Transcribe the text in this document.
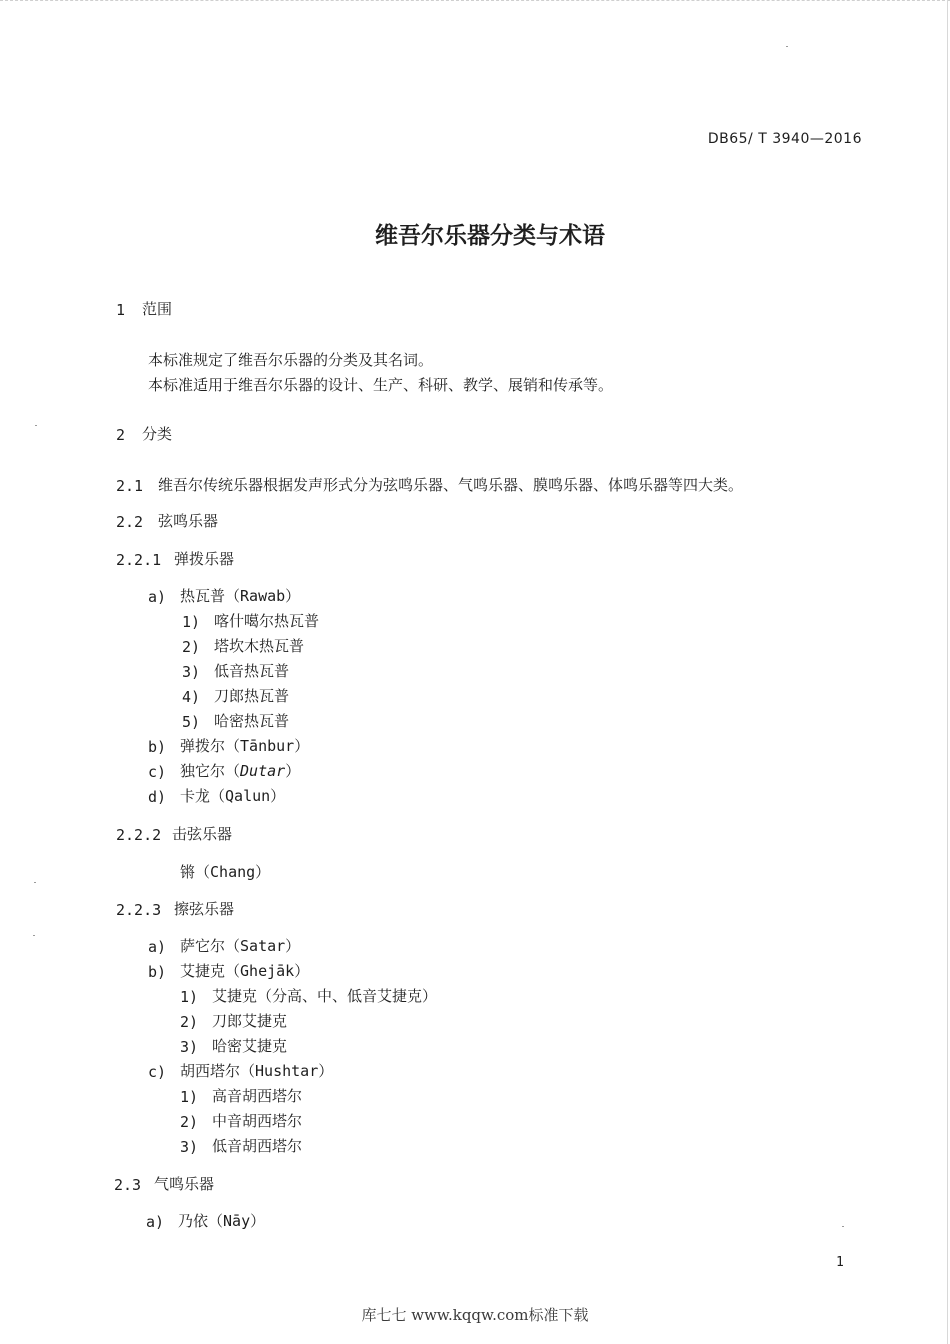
DB65/ T 3940—2016
维吾尔乐器分类与术语
1 范围
本标准规定了维吾尔乐器的分类及其名词。
本标准适用于维吾尔乐器的设计、生产、科研、教学、展销和传承等。
2 分类
2.1 维吾尔传统乐器根据发声形式分为弦鸣乐器、气鸣乐器、膜鸣乐器、体鸣乐器等四大类。
2.2 弦鸣乐器
2.2.1 弹拨乐器
a) 热瓦普（Rawab）
1) 喀什噶尔热瓦普
2) 塔坎木热瓦普
3) 低音热瓦普
4) 刀郎热瓦普
5) 哈密热瓦普
b) 弹拨尔（Tānbur）
c) 独它尔（Dutar）
d) 卡龙（Qalun）
2.2.2 击弦乐器
锵（Chang）
2.2.3 擦弦乐器
a) 萨它尔（Satar）
b) 艾捷克（Ghejāk）
1) 艾捷克（分高、中、低音艾捷克）
2) 刀郎艾捷克
3) 哈密艾捷克
c) 胡西塔尔（Hushtar）
1) 高音胡西塔尔
2) 中音胡西塔尔
3) 低音胡西塔尔
2.3 气鸣乐器
a) 乃依（Nāy）
1
库七七 www.kqqw.com标准下载
